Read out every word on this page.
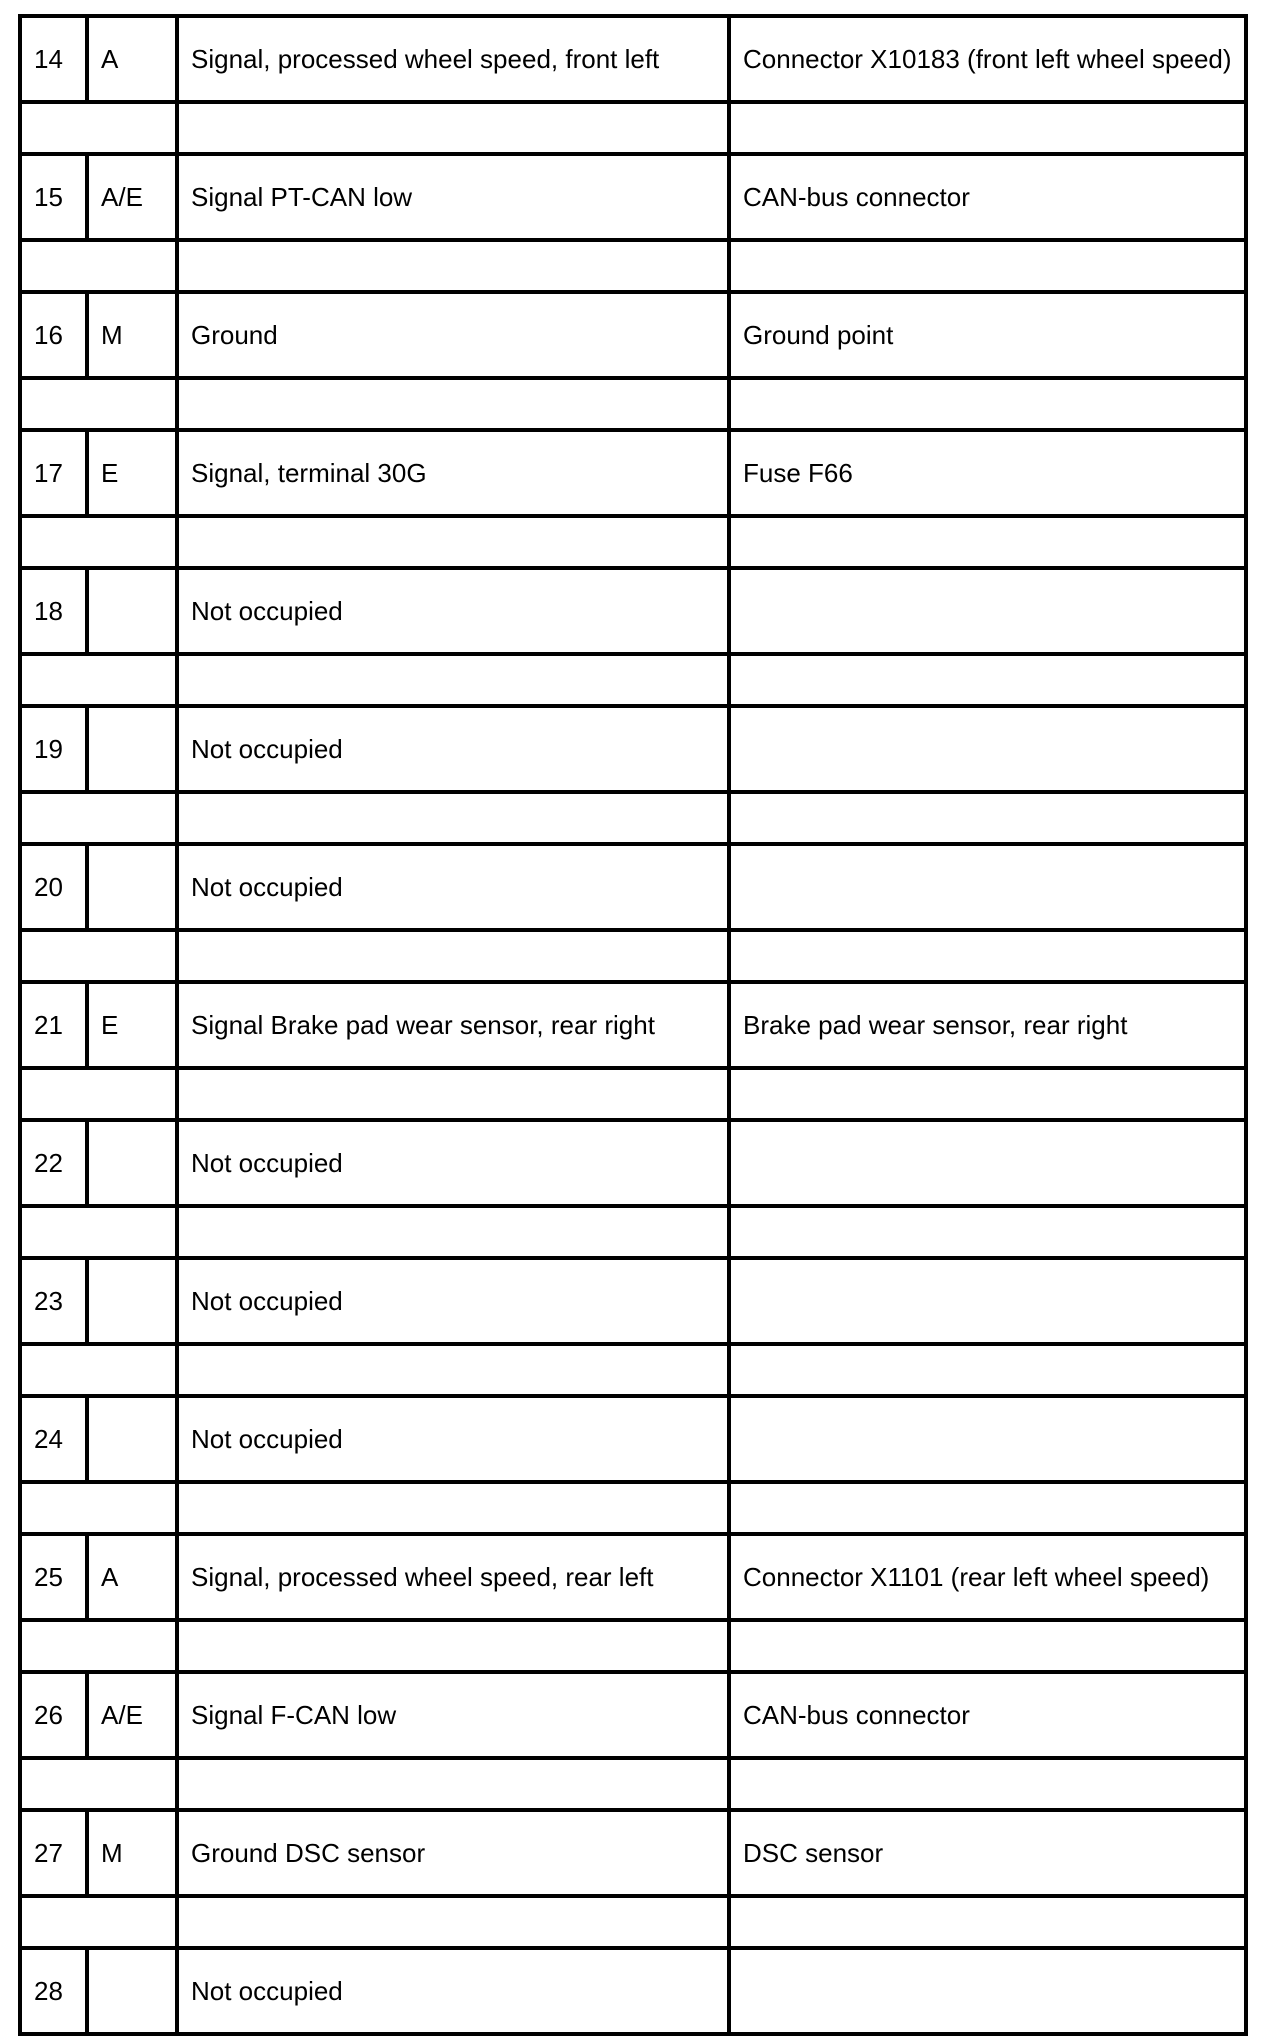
14	A	Signal, processed wheel speed, front left	Connector X10183 (front left wheel speed)

15	A/E	Signal PT-CAN low	CAN-bus connector

16	M	Ground	Ground point

17	E	Signal, terminal 30G	Fuse F66

18		Not occupied	

19		Not occupied	

20		Not occupied	

21	E	Signal Brake pad wear sensor, rear right	Brake pad wear sensor, rear right

22		Not occupied	

23		Not occupied	

24		Not occupied	

25	A	Signal, processed wheel speed, rear left	Connector X1101 (rear left wheel speed)

26	A/E	Signal F-CAN low	CAN-bus connector

27	M	Ground DSC sensor	DSC sensor

28		Not occupied	
